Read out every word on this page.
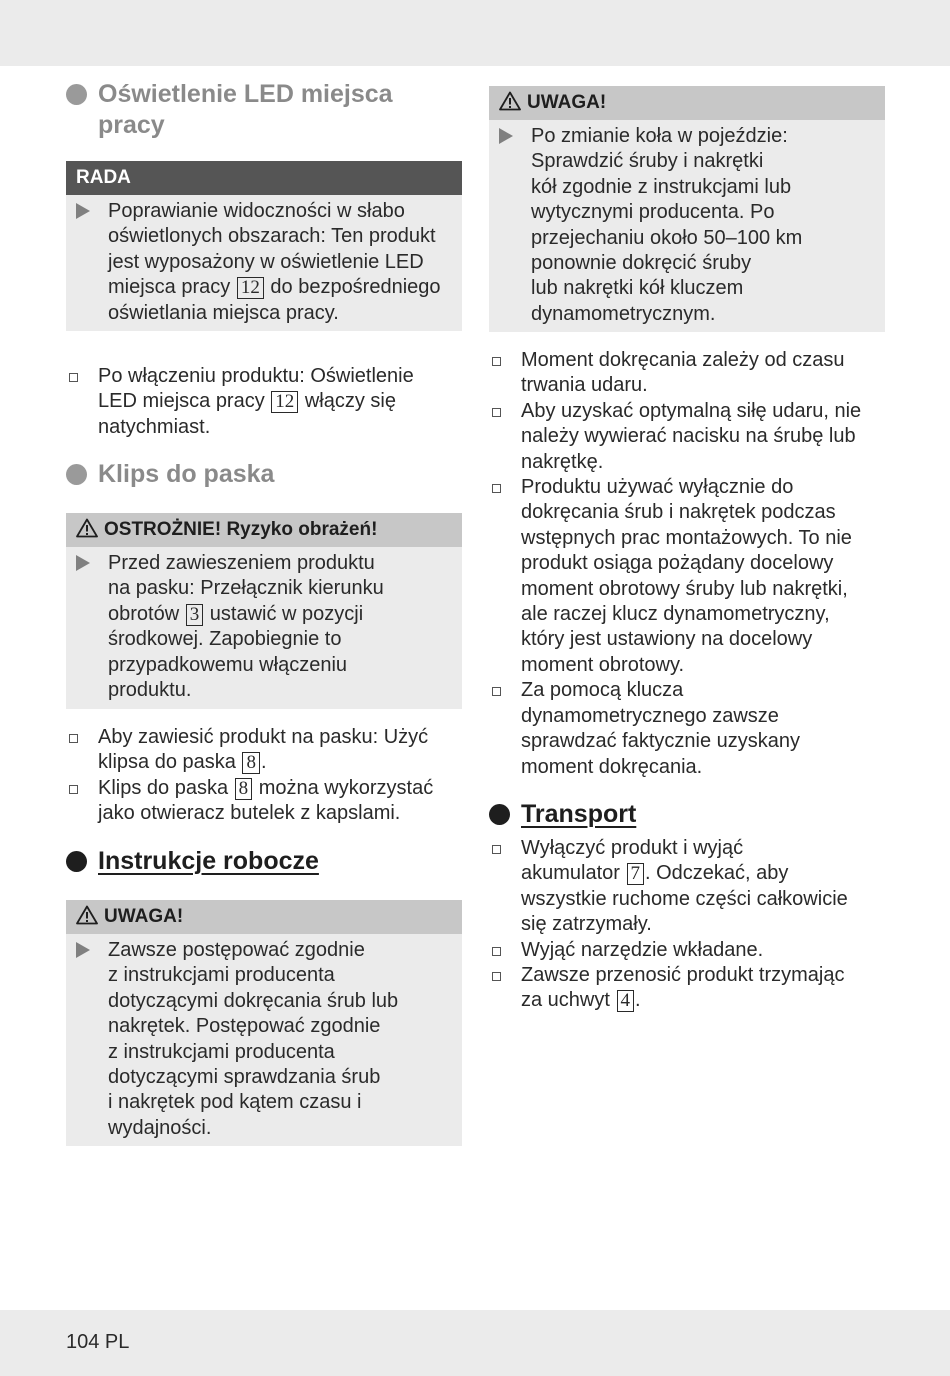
Oświetlenie LED miejsca
pracy
RADA
Poprawianie widoczności w słabo
oświetlonych obszarach: Ten produkt
jest wyposażony w oświetlenie LED
miejsca pracy 12 do bezpośredniego
oświetlania miejsca pracy.
Po włączeniu produktu: Oświetlenie
LED miejsca pracy 12 włączy się
natychmiast.
Klips do paska
OSTROŻNIE! Ryzyko obrażeń!
Przed zawieszeniem produktu
na pasku: Przełącznik kierunku
obrotów 3 ustawić w pozycji
środkowej. Zapobiegnie to
przypadkowemu włączeniu
produktu.
Aby zawiesić produkt na pasku: Użyć
klipsa do paska 8 .
Klips do paska 8 można wykorzystać
jako otwieracz butelek z kapslami.
Instrukcje robocze
UWAGA!
Zawsze postępować zgodnie
z instrukcjami producenta
dotyczącymi dokręcania śrub lub
nakrętek. Postępować zgodnie
z instrukcjami producenta
dotyczącymi sprawdzania śrub
i nakrętek pod kątem czasu i
wydajności.
UWAGA!
Po zmianie koła w pojeździe:
Sprawdzić śruby i nakrętki
kół zgodnie z instrukcjami lub
wytycznymi producenta. Po
przejechaniu około 50–100 km
ponownie dokręcić śruby
lub nakrętki kół kluczem
dynamometrycznym.
Moment dokręcania zależy od czasu
trwania udaru.
Aby uzyskać optymalną siłę udaru, nie
należy wywierać nacisku na śrubę lub
nakrętkę.
Produktu używać wyłącznie do
dokręcania śrub i nakrętek podczas
wstępnych prac montażowych. To nie
produkt osiąga pożądany docelowy
moment obrotowy śruby lub nakrętki,
ale raczej klucz dynamometryczny,
który jest ustawiony na docelowy
moment obrotowy.
Za pomocą klucza
dynamometrycznego zawsze
sprawdzać faktycznie uzyskany
moment dokręcania.
Transport
Wyłączyć produkt i wyjąć
akumulator 7 . Odczekać, aby
wszystkie ruchome części całkowicie
się zatrzymały.
Wyjąć narzędzie wkładane.
Zawsze przenosić produkt trzymając
za uchwyt 4 .
104 PL
